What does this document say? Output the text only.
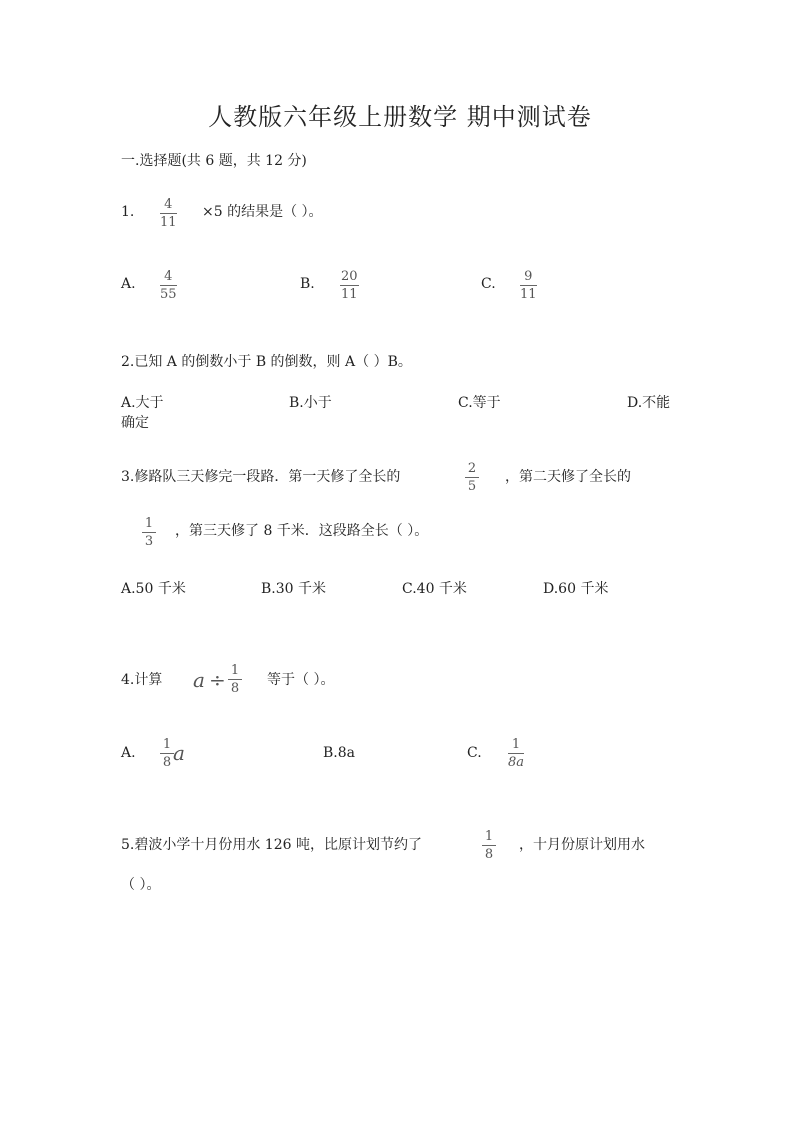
人教版六年级上册数学 期中测试卷
一.选择题(共 6 题，共 12 分)
1. 4
11
×5 的结果是（ ）。
A. 4
55
B. 20
11
C. 9
11
2.已知 A 的倒数小于 B 的倒数，则 A（ ）B。
A.大于	B.小于	C.等于	D.不能
确定
3.修路队三天修完一段路．第一天修了全长的
2
5
，第二天修了全长的
1
3
，第三天修了 8 千米．这段路全长（ ）。
A.50 千米	B.30 千米	C.40 千米	D.60 千米
4.计算 a ÷ 1
8
等于（ ）。
A.
1
8 a	B.8a	C.
1
8a
5.碧波小学十月份用水 126 吨，比原计划节约了
1
8
，十月份原计划用水
（ ）。
